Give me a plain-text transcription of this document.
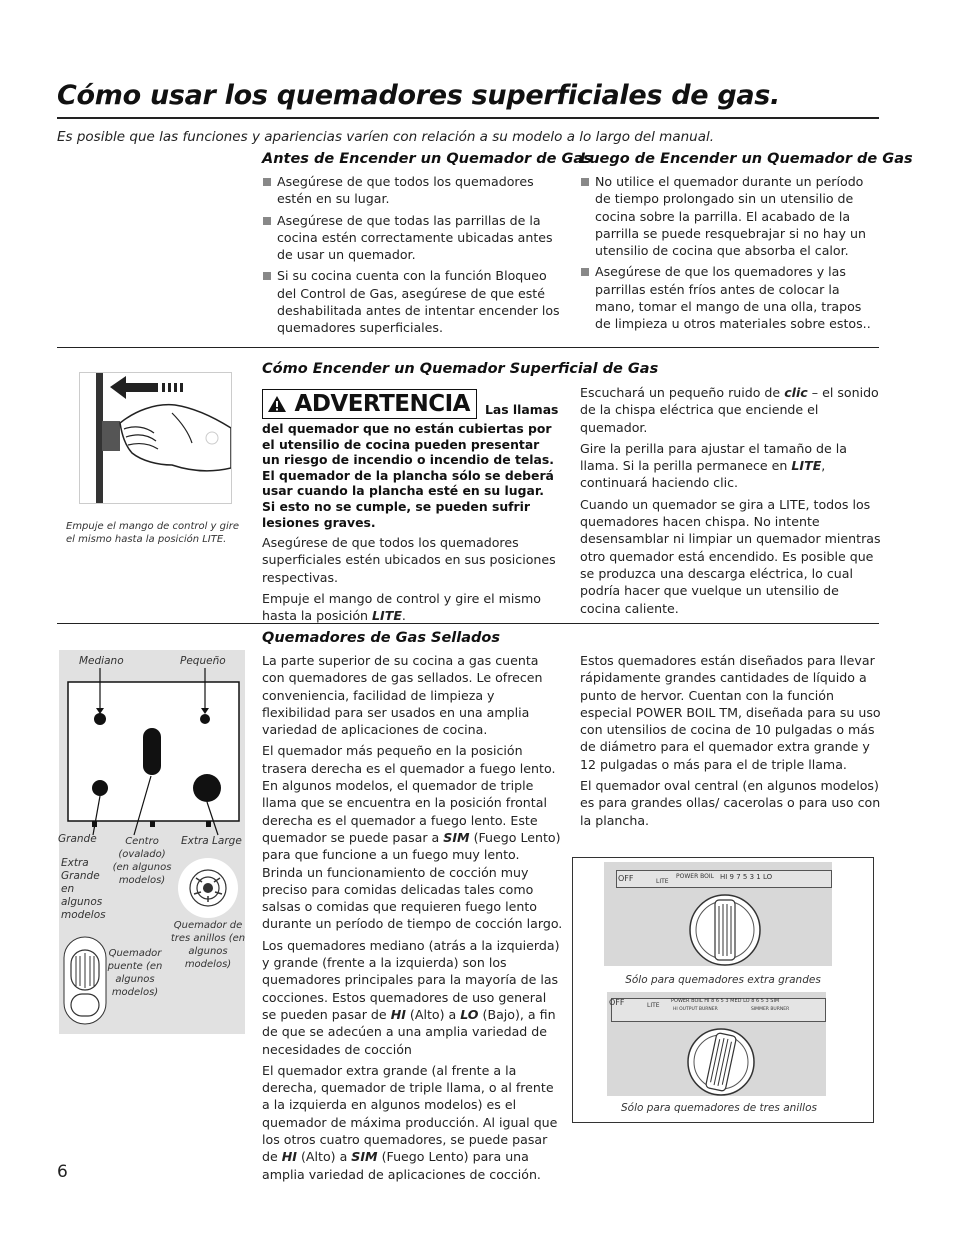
Cómo usar los quemadores superficiales de gas.
Es posible que las funciones y apariencias varíen con relación a su modelo a lo largo del manual.
Antes de Encender un Quemador de Gas
Asegúrese de que todos los quemadores estén en su lugar.
Asegúrese de que todas las parrillas de la cocina estén correctamente ubicadas antes de usar un quemador.
Si su cocina cuenta con la función Bloqueo del Control de Gas, asegúrese de que esté deshabilitada antes de intentar encender los quemadores superficiales.
Luego de Encender un Quemador de Gas
No utilice el quemador durante un período de tiempo prolongado sin un utensilio de cocina sobre la parrilla. El acabado de la parrilla se puede resquebrajar si no hay un utensilio de cocina que absorba el calor.
Asegúrese de que los quemadores y las parrillas estén fríos antes de colocar la mano, tomar el mango de una olla, trapos de limpieza u otros materiales sobre estos..
Cómo Encender un Quemador Superficial de Gas
Empuje el mango de control y gire el mismo hasta la posición LITE.
ADVERTENCIA	Las llamas
del quemador que no están cubiertas por el utensilio de cocina pueden presentar un riesgo de incendio o incendio de telas. El quemador de la plancha sólo se deberá usar cuando la plancha esté en su lugar. Si esto no se cumple, se pueden sufrir lesiones graves.

Asegúrese de que todos los quemadores superficiales estén ubicados en sus posiciones respectivas.

Empuje el mango de control y gire el mismo hasta la posición LITE.

Escuchará un pequeño ruido de clic – el sonido de la chispa eléctrica que enciende el quemador.

Gire la perilla para ajustar el tamaño de la llama. Si la perilla permanece en LITE, continuará haciendo clic.

Cuando un quemador se gira a LITE, todos los quemadores hacen chispa. No intente desensamblar ni limpiar un quemador mientras otro quemador está encendido. Es posible que se produzca una descarga eléctrica, lo cual podría hacer que vuelque un utensilio de cocina caliente.

Quemadores de Gas Sellados
Mediano	Pequeño
Grande	Centro (ovalado) (en algunos modelos)
Extra Large
Extra Grande en algunos modelos
Quemador de tres anillos (en algunos modelos)
Quemador puente (en algunos modelos)

La parte superior de su cocina a gas cuenta con quemadores de gas sellados. Le ofrecen conveniencia, facilidad de limpieza y flexibilidad para ser usados en una amplia variedad de aplicaciones de cocina.

El quemador más pequeño en la posición trasera derecha es el quemador a fuego lento. En algunos modelos, el quemador de triple llama que se encuentra en la posición frontal derecha es el quemador a fuego lento. Este quemador se puede pasar a SIM (Fuego Lento) para que funcione a un fuego muy lento. Brinda un funcionamiento de cocción muy preciso para comidas delicadas tales como salsas o comidas que requieren fuego lento durante un período de tiempo de cocción largo.

Los quemadores mediano (atrás a la izquierda) y grande (frente a la izquierda) son los quemadores principales para la mayoría de las cocciones. Estos quemadores de uso general se pueden pasar de HI (Alto) a LO (Bajo), a fin de que se adecúen a una amplia variedad de necesidades de cocción

El quemador extra grande (al frente a la derecha, quemador de triple llama, o al frente a la izquierda en algunos modelos) es el quemador de máxima producción. Al igual que los otros cuatro quemadores, se puede pasar de HI (Alto) a SIM (Fuego Lento) para una amplia variedad de aplicaciones de cocción.

Estos quemadores están diseñados para llevar rápidamente grandes cantidades de líquido a punto de hervor. Cuentan con la función especial POWER BOIL TM, diseñada para su uso con utensilios de cocina de 10 pulgadas o más de diámetro para el quemador extra grande y 12 pulgadas o más para el de triple llama.

El quemador oval central (en algunos modelos) es para grandes ollas/ cacerolas o para uso con la plancha.

OFF	LITE
POWER BOIL HI 9 7 5 3 1 LO
Sólo para quemadores extra grandes
OFF	LITE
POWER BOIL HI 8 6 5 3 MED LO 8 6 5 3 SIM
HI OUTPUT BURNER	SIMMER BURNER
Sólo para quemadores de tres anillos
6
